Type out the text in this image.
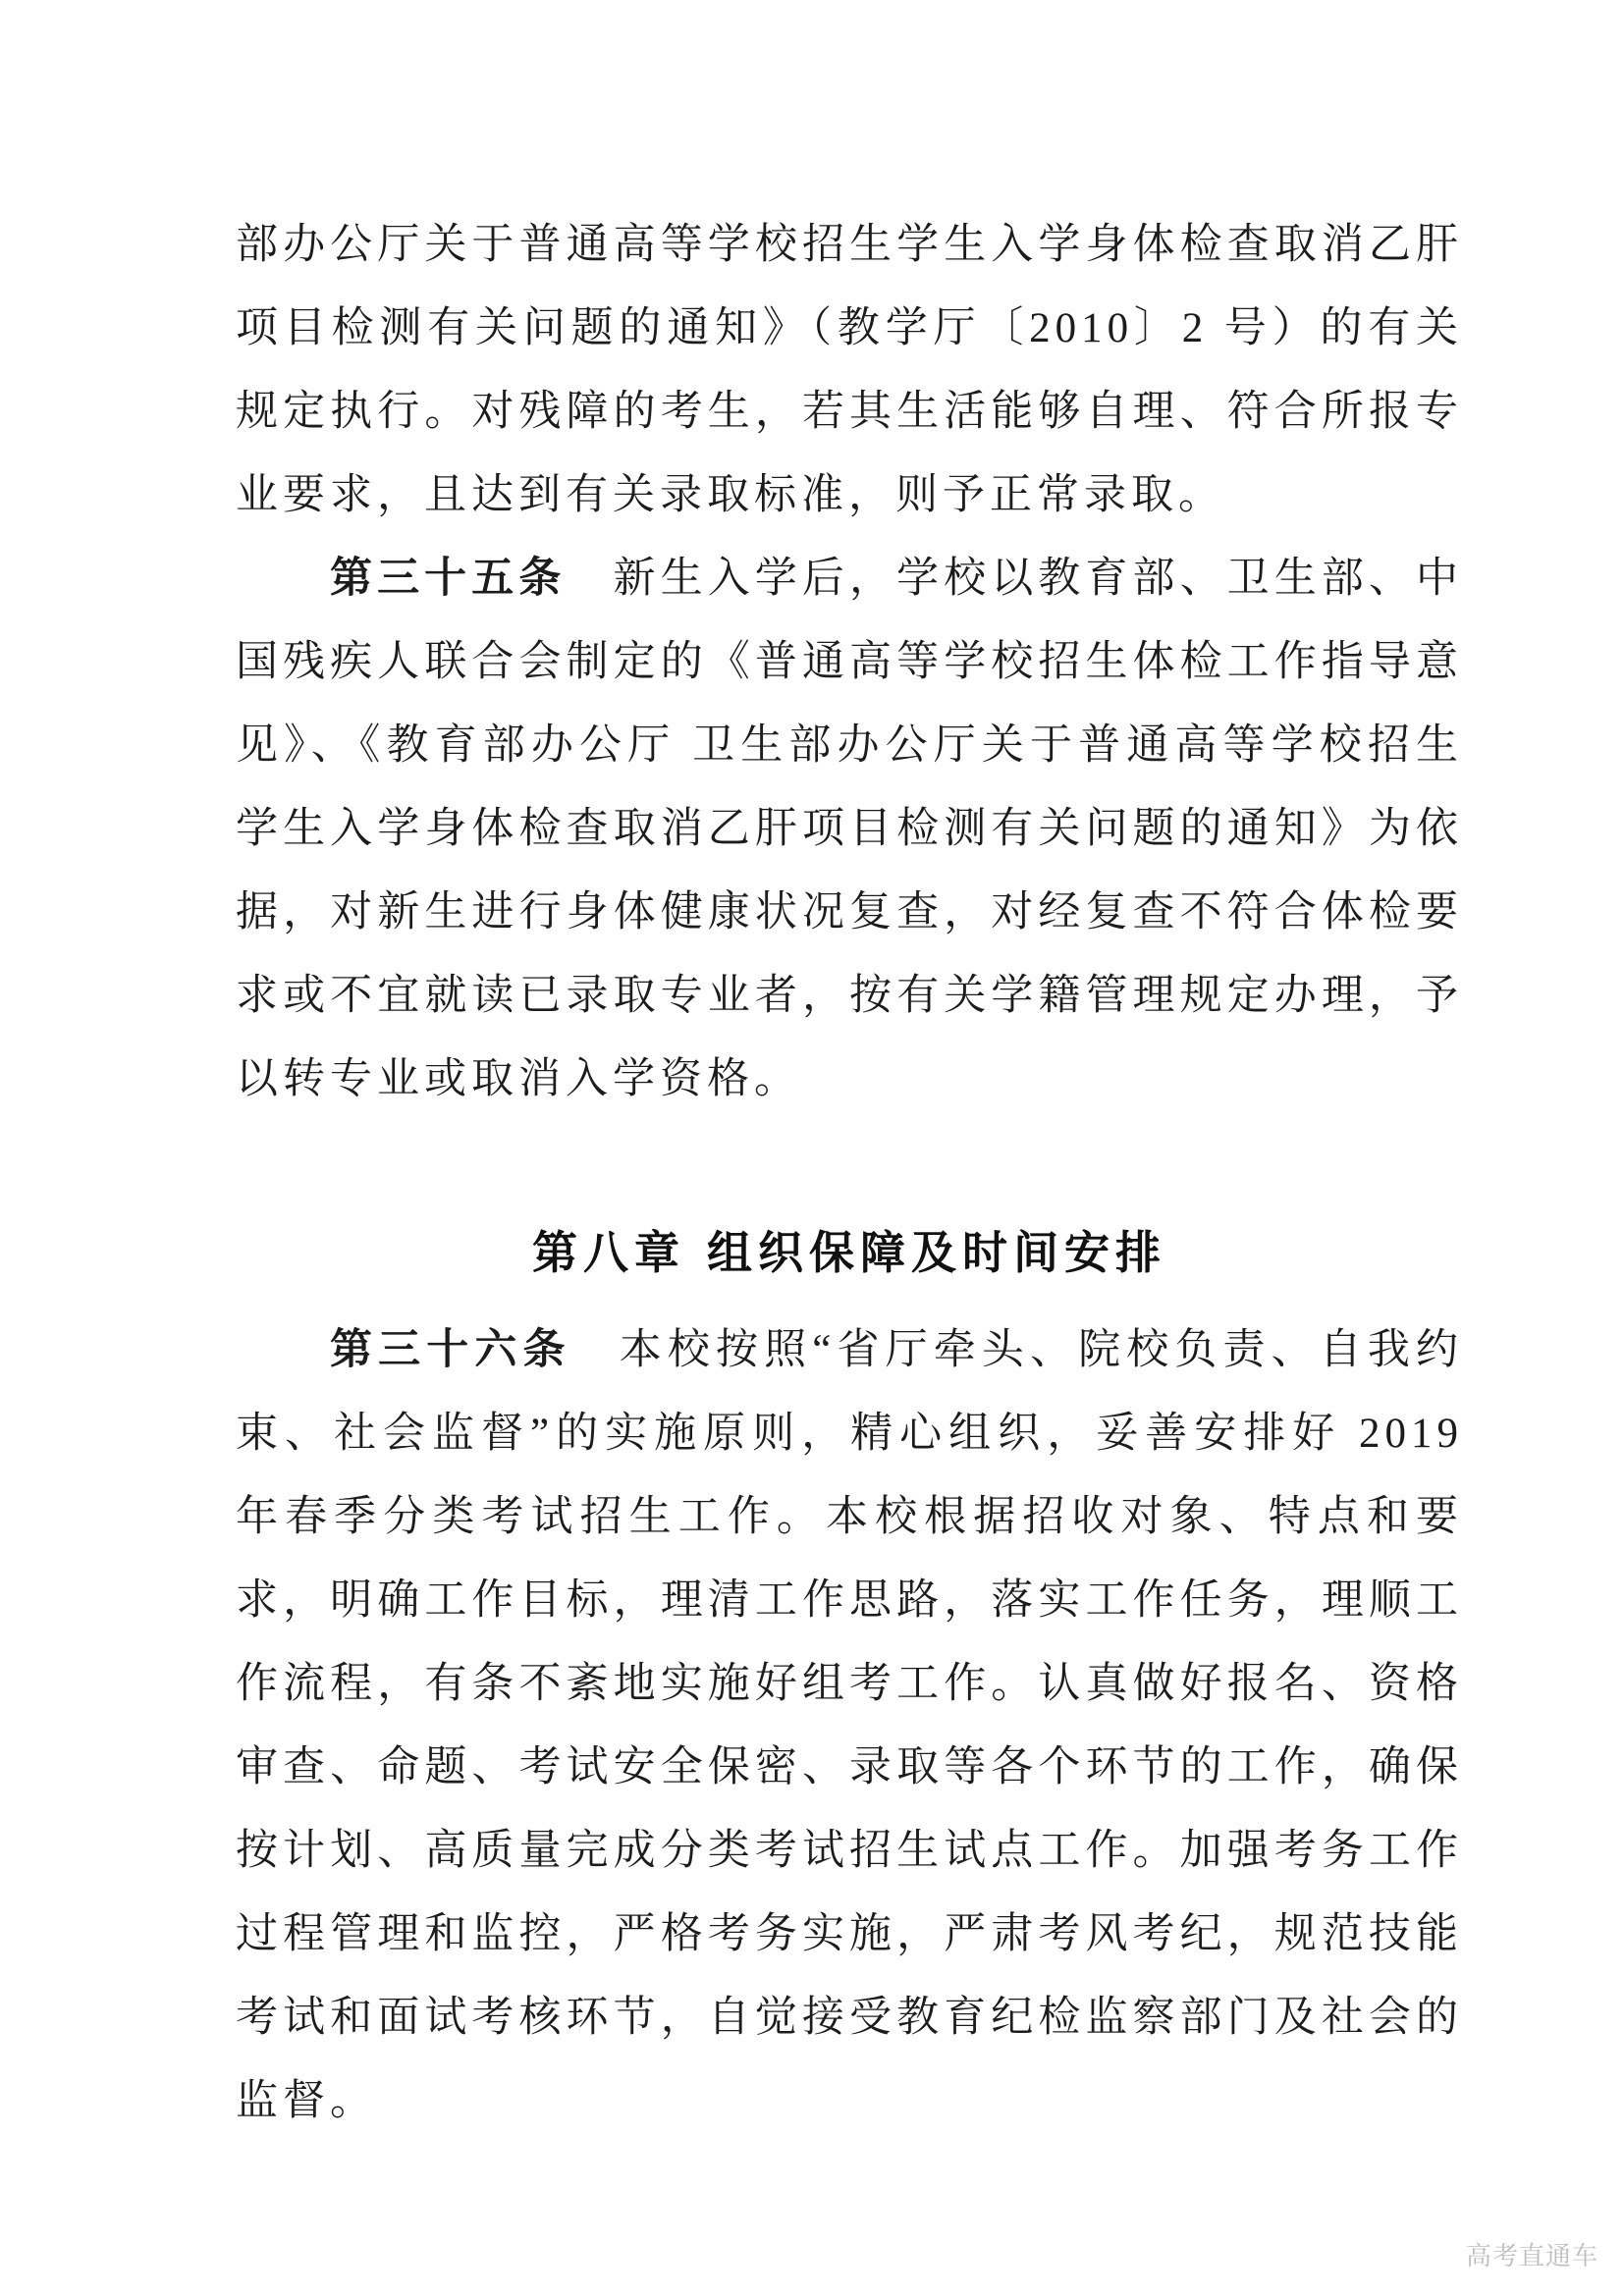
部办公厅关于普通高等学校招生学生入学身体检查取消乙肝项目检测有关问题的通知》（教学厅〔2010〕2 号）的有关规定执行。对残障的考生，若其生活能够自理、符合所报专业要求，且达到有关录取标准，则予正常录取。

第三十五条　新生入学后，学校以教育部、卫生部、中国残疾人联合会制定的《普通高等学校招生体检工作指导意见》、《教育部办公厅 卫生部办公厅关于普通高等学校招生学生入学身体检查取消乙肝项目检测有关问题的通知》为依据，对新生进行身体健康状况复查，对经复查不符合体检要求或不宜就读已录取专业者，按有关学籍管理规定办理，予以转专业或取消入学资格。

第八章 组织保障及时间安排

第三十六条　本校按照“省厅牵头、院校负责、自我约束、社会监督”的实施原则，精心组织，妥善安排好 2019 年春季分类考试招生工作。本校根据招收对象、特点和要求，明确工作目标，理清工作思路，落实工作任务，理顺工作流程，有条不紊地实施好组考工作。认真做好报名、资格审查、命题、考试安全保密、录取等各个环节的工作，确保按计划、高质量完成分类考试招生试点工作。加强考务工作过程管理和监控，严格考务实施，严肃考风考纪，规范技能考试和面试考核环节，自觉接受教育纪检监察部门及社会的监督。

高考直通车
